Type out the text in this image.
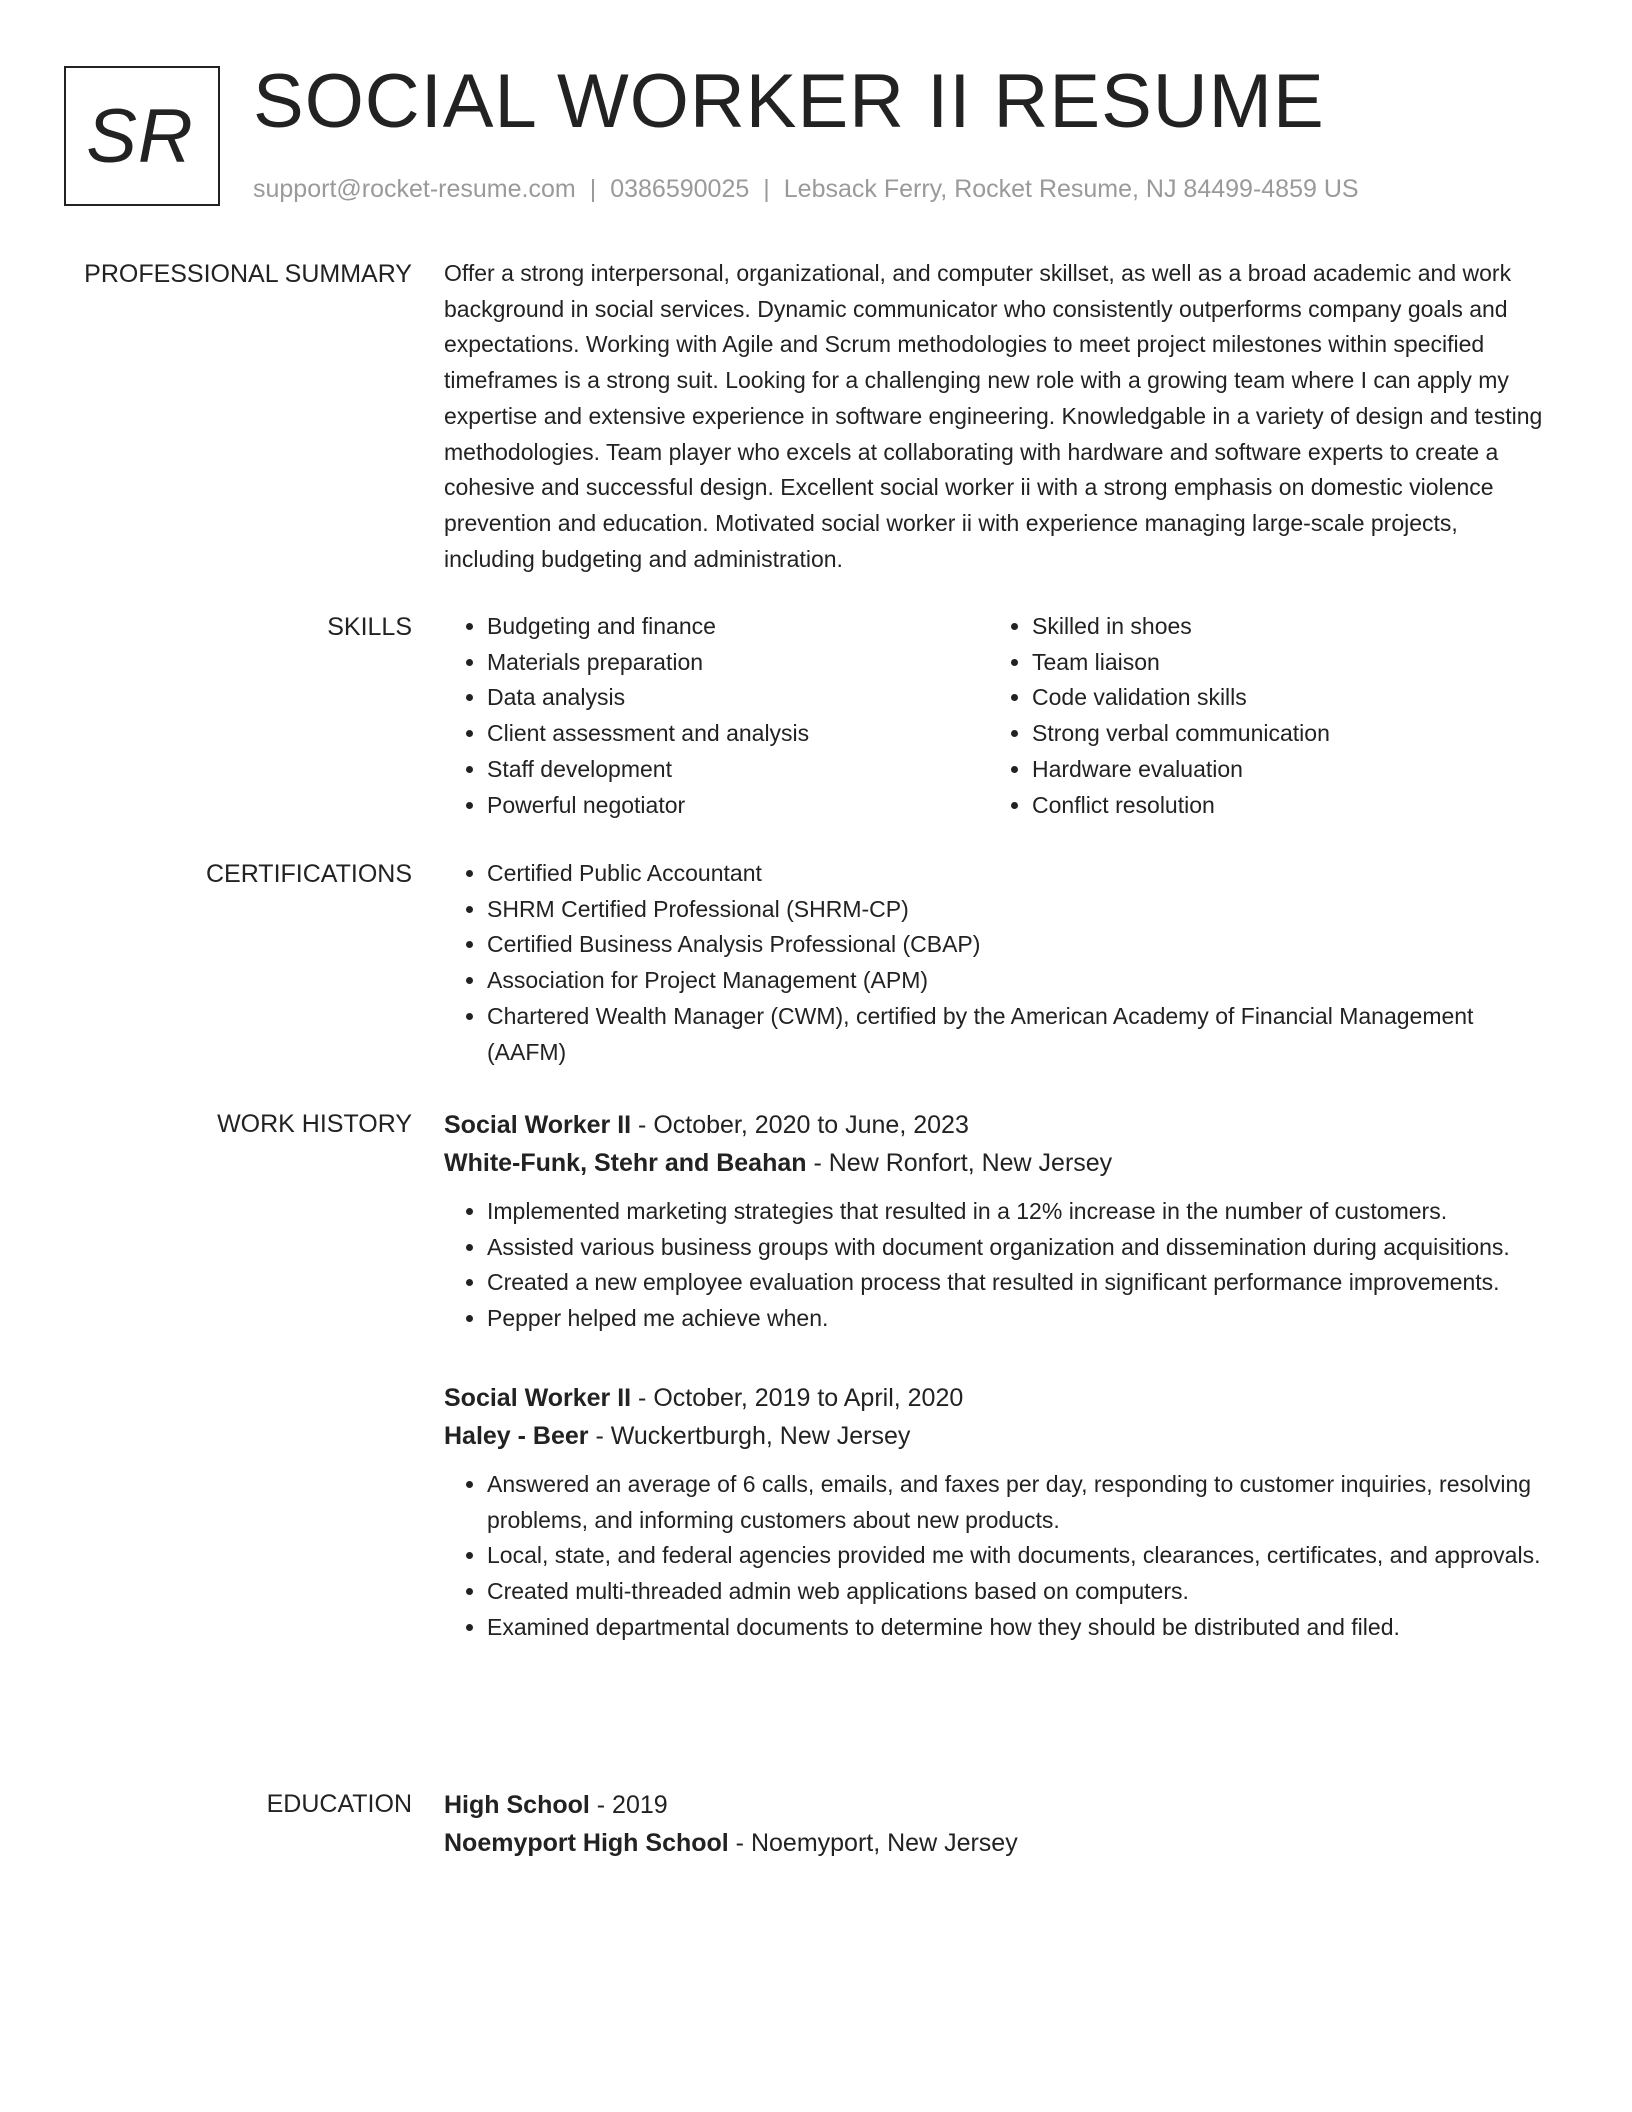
SR SOCIAL WORKER II RESUME
support@rocket-resume.com | 0386590025 | Lebsack Ferry, Rocket Resume, NJ 84499-4859 US
PROFESSIONAL SUMMARY Offer a strong interpersonal, organizational, and computer skillset, as well as a broad academic and work background in social services. Dynamic communicator who consistently outperforms company goals and expectations. Working with Agile and Scrum methodologies to meet project milestones within specified timeframes is a strong suit. Looking for a challenging new role with a growing team where I can apply my expertise and extensive experience in software engineering. Knowledgable in a variety of design and testing methodologies. Team player who excels at collaborating with hardware and software experts to create a cohesive and successful design. Excellent social worker ii with a strong emphasis on domestic violence prevention and education. Motivated social worker ii with experience managing large-scale projects, including budgeting and administration.

SKILLS	• Budgeting and finance
• Materials preparation
• Data analysis
• Client assessment and analysis
• Staff development
• Powerful negotiator
• Skilled in shoes
• Team liaison
• Code validation skills
• Strong verbal communication
• Hardware evaluation
• Conflict resolution
CERTIFICATIONS	• Certified Public Accountant
• SHRM Certified Professional (SHRM-CP)
• Certified Business Analysis Professional (CBAP)
• Association for Project Management (APM)
• Chartered Wealth Manager (CWM), certified by the American Academy of Financial Management (AAFM)
WORK HISTORY Social Worker II - October, 2020 to June, 2023
White-Funk, Stehr and Beahan - New Ronfort, New Jersey
• Implemented marketing strategies that resulted in a 12% increase in the number of customers.
• Assisted various business groups with document organization and dissemination during acquisitions.
• Created a new employee evaluation process that resulted in significant performance improvements.
• Pepper helped me achieve when.
Social Worker II - October, 2019 to April, 2020
Haley - Beer - Wuckertburgh, New Jersey
• Answered an average of 6 calls, emails, and faxes per day, responding to customer inquiries, resolving problems, and informing customers about new products.
• Local, state, and federal agencies provided me with documents, clearances, certificates, and approvals.
• Created multi-threaded admin web applications based on computers.
• Examined departmental documents to determine how they should be distributed and filed.
EDUCATION High School - 2019
Noemyport High School - Noemyport, New Jersey
